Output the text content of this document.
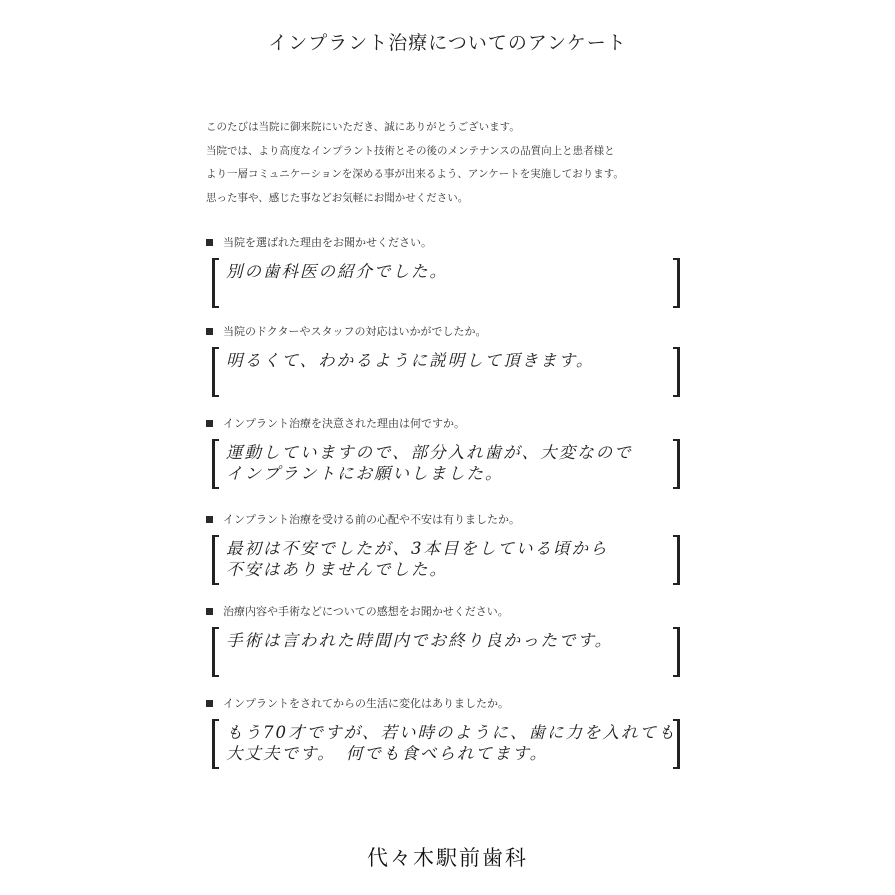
インプラント治療についてのアンケート
このたびは当院に御来院にいただき、誠にありがとうございます。
当院では、より高度なインプラント技術とその後のメンテナンスの品質向上と患者様と
より一層コミュニケーションを深める事が出来るよう、アンケートを実施しております。
思った事や、感じた事などお気軽にお聞かせください。
当院を選ばれた理由をお聞かせください。
別の歯科医の紹介でした。
当院のドクターやスタッフの対応はいかがでしたか。
明るくて、わかるように説明して頂きます。
インプラント治療を決意された理由は何ですか。
運動していますので、部分入れ歯が、大変なので
インプラントにお願いしました。
インプラント治療を受ける前の心配や不安は有りましたか。
最初は不安でしたが、3本目をしている頃から
不安はありませんでした。
治療内容や手術などについての感想をお聞かせください。
手術は言われた時間内でお終り良かったです。
インプラントをされてからの生活に変化はありましたか。
もう70才ですが、若い時のように、歯に力を入れても
大丈夫です。　何でも食べられてます。
代々木駅前歯科
